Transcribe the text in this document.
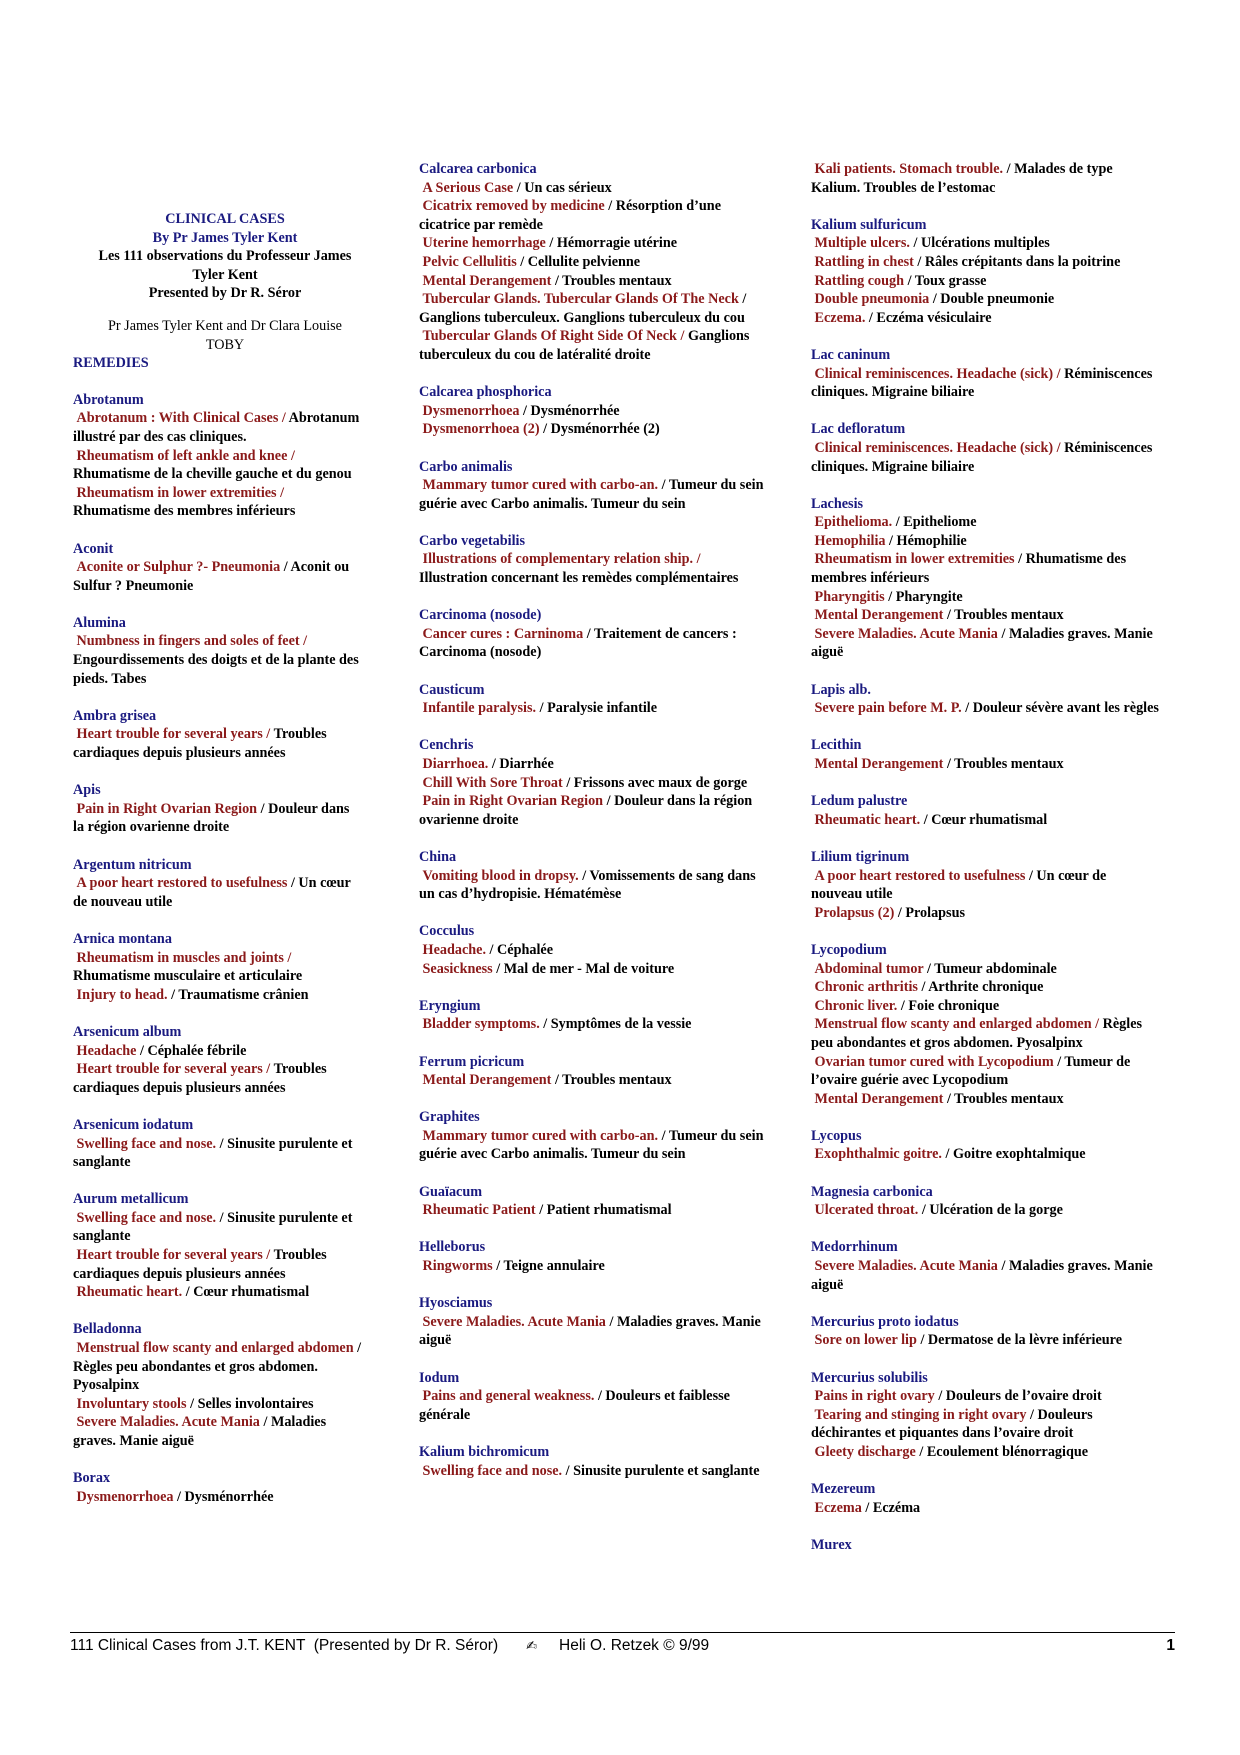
CLINICAL CASES
By Pr James Tyler Kent
Les 111 observations du Professeur James
Tyler Kent
Presented by Dr R. Séror
Pr James Tyler Kent and Dr Clara Louise
TOBY
REMEDIES
Abrotanum
Abrotanum : With Clinical Cases / Abrotanum illustré par des cas cliniques.
Rheumatism of left ankle and knee / Rhumatisme de la cheville gauche et du genou
Rheumatism in lower extremities / Rhumatisme des membres inférieurs
Aconit
Aconite or Sulphur ?- Pneumonia / Aconit ou Sulfur ? Pneumonie
Alumina
Numbness in fingers and soles of feet / Engourdissements des doigts et de la plante des pieds. Tabes
Ambra grisea
Heart trouble for several years / Troubles cardiaques depuis plusieurs années
Apis
Pain in Right Ovarian Region / Douleur dans la région ovarienne droite
Argentum nitricum
A poor heart restored to usefulness / Un cœur de nouveau utile
Arnica montana
Rheumatism in muscles and joints / Rhumatisme musculaire et articulaire
Injury to head. / Traumatisme crânien
Arsenicum album
Headache / Céphalée fébrile
Heart trouble for several years / Troubles cardiaques depuis plusieurs années
Arsenicum iodatum
Swelling face and nose. / Sinusite purulente et sanglante
Aurum metallicum
Swelling face and nose. / Sinusite purulente et sanglante
Heart trouble for several years / Troubles cardiaques depuis plusieurs années
Rheumatic heart. / Cœur rhumatismal
Belladonna
Menstrual flow scanty and enlarged abdomen / Règles peu abondantes et gros abdomen. Pyosalpinx
Involuntary stools / Selles involontaires
Severe Maladies. Acute Mania / Maladies graves. Manie aiguë
Borax
Dysmenorrhoea / Dysménorrhée
Calcarea carbonica
A Serious Case / Un cas sérieux
Cicatrix removed by medicine / Résorption d’une cicatrice par remède
Uterine hemorrhage / Hémorragie utérine
Pelvic Cellulitis / Cellulite pelvienne
Mental Derangement / Troubles mentaux
Tubercular Glands. Tubercular Glands Of The Neck / Ganglions tuberculeux. Ganglions tuberculeux du cou
Tubercular Glands Of Right Side Of Neck / Ganglions tuberculeux du cou de latéralité droite
Calcarea phosphorica
Dysmenorrhoea / Dysménorrhée
Dysmenorrhoea (2) / Dysménorrhée (2)
Carbo animalis
Mammary tumor cured with carbo-an. / Tumeur du sein guérie avec Carbo animalis. Tumeur du sein
Carbo vegetabilis
Illustrations of complementary relation ship. / Illustration concernant les remèdes complémentaires
Carcinoma (nosode)
Cancer cures : Carninoma / Traitement de cancers : Carcinoma (nosode)
Causticum
Infantile paralysis. / Paralysie infantile
Cenchris
Diarrhoea. / Diarrhée
Chill With Sore Throat / Frissons avec maux de gorge
Pain in Right Ovarian Region / Douleur dans la région ovarienne droite
China
Vomiting blood in dropsy. / Vomissements de sang dans un cas d’hydropisie. Hématémèse
Cocculus
Headache. / Céphalée
Seasickness / Mal de mer - Mal de voiture
Eryngium
Bladder symptoms. / Symptômes de la vessie
Ferrum picricum
Mental Derangement / Troubles mentaux
Graphites
Mammary tumor cured with carbo-an. / Tumeur du sein guérie avec Carbo animalis. Tumeur du sein
Guaïacum
Rheumatic Patient / Patient rhumatismal
Helleborus
Ringworms / Teigne annulaire
Hyosciamus
Severe Maladies. Acute Mania / Maladies graves. Manie aiguë
Iodum
Pains and general weakness. / Douleurs et faiblesse générale
Kalium bichromicum
Swelling face and nose. / Sinusite purulente et sanglante
Kali patients. Stomach trouble. / Malades de type Kalium. Troubles de l’estomac
Kalium sulfuricum
Multiple ulcers. / Ulcérations multiples
Rattling in chest / Râles crépitants dans la poitrine
Rattling cough / Toux grasse
Double pneumonia / Double pneumonie
Eczema. / Eczéma vésiculaire
Lac caninum
Clinical reminiscences. Headache (sick) / Réminiscences cliniques. Migraine biliaire
Lac defloratum
Clinical reminiscences. Headache (sick) / Réminiscences cliniques. Migraine biliaire
Lachesis
Epithelioma. / Epitheliome
Hemophilia / Hémophilie
Rheumatism in lower extremities / Rhumatisme des membres inférieurs
Pharyngitis / Pharyngite
Mental Derangement / Troubles mentaux
Severe Maladies. Acute Mania / Maladies graves. Manie aiguë
Lapis alb.
Severe pain before M. P. / Douleur sévère avant les règles
Lecithin
Mental Derangement / Troubles mentaux
Ledum palustre
Rheumatic heart. / Cœur rhumatismal
Lilium tigrinum
A poor heart restored to usefulness / Un cœur de nouveau utile
Prolapsus (2) / Prolapsus
Lycopodium
Abdominal tumor / Tumeur abdominale
Chronic arthritis / Arthrite chronique
Chronic liver. / Foie chronique
Menstrual flow scanty and enlarged abdomen / Règles peu abondantes et gros abdomen. Pyosalpinx
Ovarian tumor cured with Lycopodium / Tumeur de l’ovaire guérie avec Lycopodium
Mental Derangement / Troubles mentaux
Lycopus
Exophthalmic goitre. / Goitre exophtalmique
Magnesia carbonica
Ulcerated throat. / Ulcération de la gorge
Medorrhinum
Severe Maladies. Acute Mania / Maladies graves. Manie aiguë
Mercurius proto iodatus
Sore on lower lip / Dermatose de la lèvre inférieure
Mercurius solubilis
Pains in right ovary / Douleurs de l’ovaire droit
Tearing and stinging in right ovary / Douleurs déchirantes et piquantes dans l’ovaire droit
Gleety discharge / Ecoulement blénorragique
Mezereum
Eczema / Eczéma
Murex
111 Clinical Cases from J.T. KENT  (Presented by Dr R. Séror) ✍ Heli O. Retzek © 9/99	1
